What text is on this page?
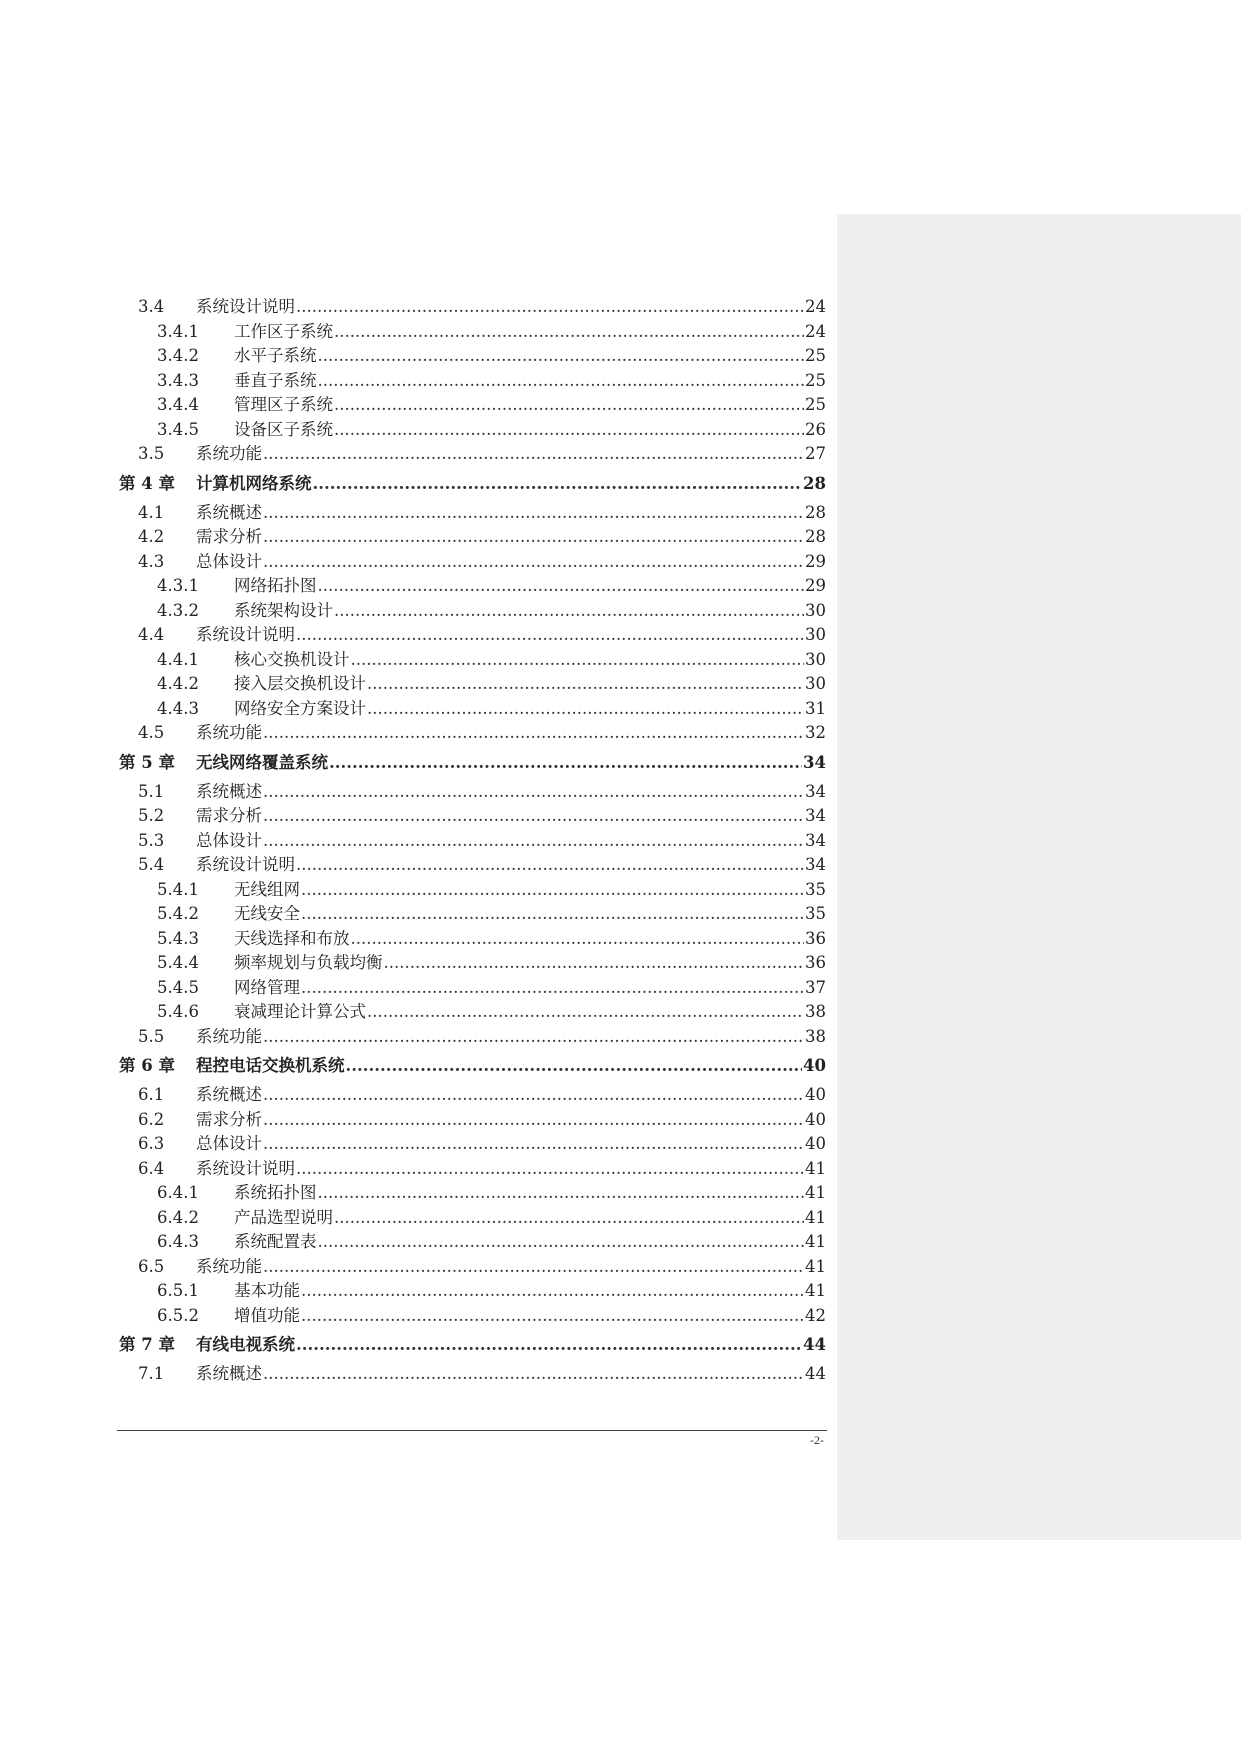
3.4	系统设计说明 .....	24
3.4.1	工作区子系统 .....	24
3.4.2	水平子系统 .....	25
3.4.3	垂直子系统 .....	25
3.4.4	管理区子系统 .....	25
3.4.5	设备区子系统 .....	26
3.5	系统功能 .....	27
第 4 章	计算机网络系统 .....	28
4.1	系统概述 .....	28
4.2	需求分析 .....	28
4.3	总体设计 .....	29
4.3.1	网络拓扑图 .....	29
4.3.2	系统架构设计 .....	30
4.4	系统设计说明 .....	30
4.4.1	核心交换机设计 .....	30
4.4.2	接入层交换机设计 .....	30
4.4.3	网络安全方案设计 .....	31
4.5	系统功能 .....	32
第 5 章	无线网络覆盖系统 .....	34
5.1	系统概述 .....	34
5.2	需求分析 .....	34
5.3	总体设计 .....	34
5.4	系统设计说明 .....	34
5.4.1	无线组网 .....	35
5.4.2	无线安全 .....	35
5.4.3	天线选择和布放 .....	36
5.4.4	频率规划与负载均衡 .....	36
5.4.5	网络管理 .....	37
5.4.6	衰减理论计算公式 .....	38
5.5	系统功能 .....	38
第 6 章	程控电话交换机系统 .....	40
6.1	系统概述 .....	40
6.2	需求分析 .....	40
6.3	总体设计 .....	40
6.4	系统设计说明 .....	41
6.4.1	系统拓扑图 .....	41
6.4.2	产品选型说明 .....	41
6.4.3	系统配置表 .....	41
6.5	系统功能 .....	41
6.5.1	基本功能 .....	41
6.5.2	增值功能 .....	42
第 7 章	有线电视系统 .....	44
7.1	系统概述 .....	44
-2-
